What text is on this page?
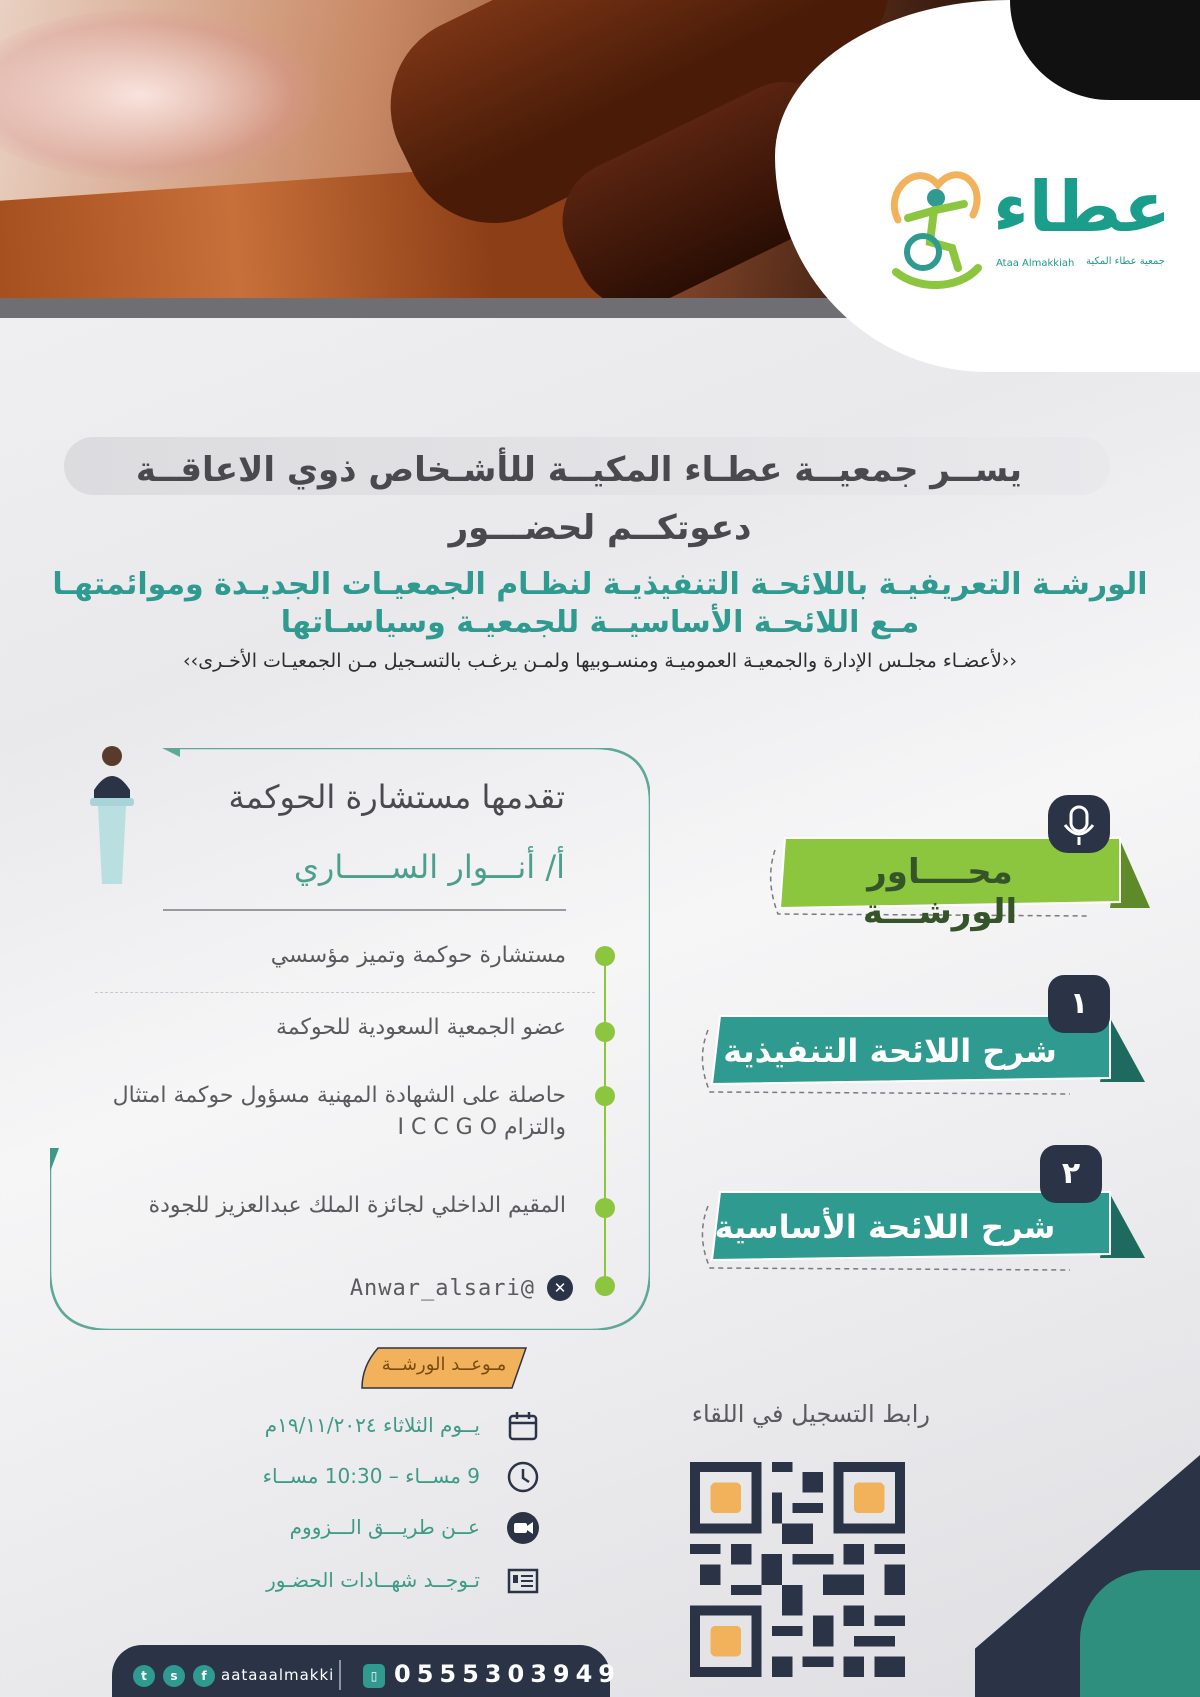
عطاء
Ataa Almakkiah جمعية عطاء المكية
يســر جمعيــة عطـاء المكيــة للأشـخاص ذوي الاعاقــة
دعوتكــم لحضـــور
الورشـة التعريفيـة باللائحـة التنفيذيـة لنظـام الجمعيـات الجديـدة وموائمتهـا
مـع اللائحـة الأساسيــة للجمعيـة وسياسـاتها
‹‹لأعضـاء مجلـس الإدارة والجمعيـة العموميـة ومنسـوبيها ولمـن يرغـب بالتسـجيل مـن الجمعيـات الأخـرى››
تقدمها مستشارة الحوكمة
أ/ أنـــوار الســـــاري
مستشارة حوكمة وتميز مؤسسي
عضو الجمعية السعودية للحوكمة
حاصلة على الشهادة المهنية مسؤول حوكمة امتثال والتزام I C C G O
المقيم الداخلي لجائزة الملك عبدالعزيز للجودة
Anwar_alsari@	✕
محــــاور الورشـــة
١
شرح اللائحة التنفيذية
٢
شرح اللائحة الأساسية
مـوعــد الورشــة
يــوم الثلاثاء ١٩/١١/٢٠٢٤م
9 مســاء – 10:30 مســاء
عــن طريـــق الـــزووم
تـوجــد شهــادات الحضـور
رابط التسجيل في اللقاء
t	s	f aataaalmakki	▯ 0555303949
